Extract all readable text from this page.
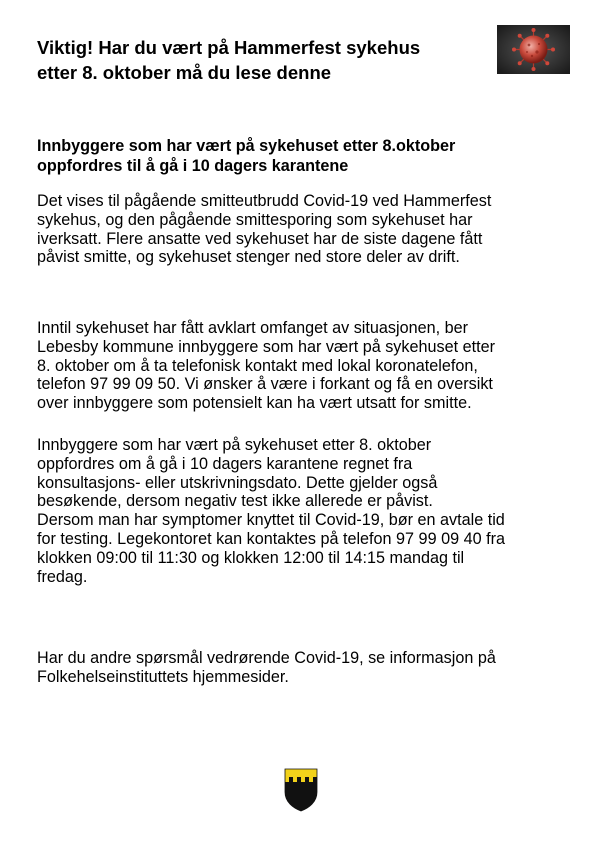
Viktig! Har du vært på Hammerfest sykehus
etter 8. oktober må du lese denne
Innbyggere som har vært på sykehuset etter 8.oktober
oppfordres til å gå i 10 dagers karantene

Det vises til pågående smitteutbrudd Covid-19 ved Hammerfest
sykehus, og den pågående smittesporing som sykehuset har
iverksatt. Flere ansatte ved sykehuset har de siste dagene fått
påvist smitte, og sykehuset stenger ned store deler av drift.

Inntil sykehuset har fått avklart omfanget av situasjonen, ber
Lebesby kommune innbyggere som har vært på sykehuset etter
8. oktober om å ta telefonisk kontakt med lokal koronatelefon,
telefon 97 99 09 50. Vi ønsker å være i forkant og få en oversikt
over innbyggere som potensielt kan ha vært utsatt for smitte.

Innbyggere som har vært på sykehuset etter 8. oktober
oppfordres om å gå i 10 dagers karantene regnet fra
konsultasjons- eller utskrivningsdato. Dette gjelder også
besøkende, dersom negativ test ikke allerede er påvist.
Dersom man har symptomer knyttet til Covid-19, bør en avtale tid
for testing. Legekontoret kan kontaktes på telefon 97 99 09 40 fra
klokken 09:00 til 11:30 og klokken 12:00 til 14:15 mandag til
fredag.

Har du andre spørsmål vedrørende Covid-19, se informasjon på
Folkehelseinstituttets hjemmesider.
